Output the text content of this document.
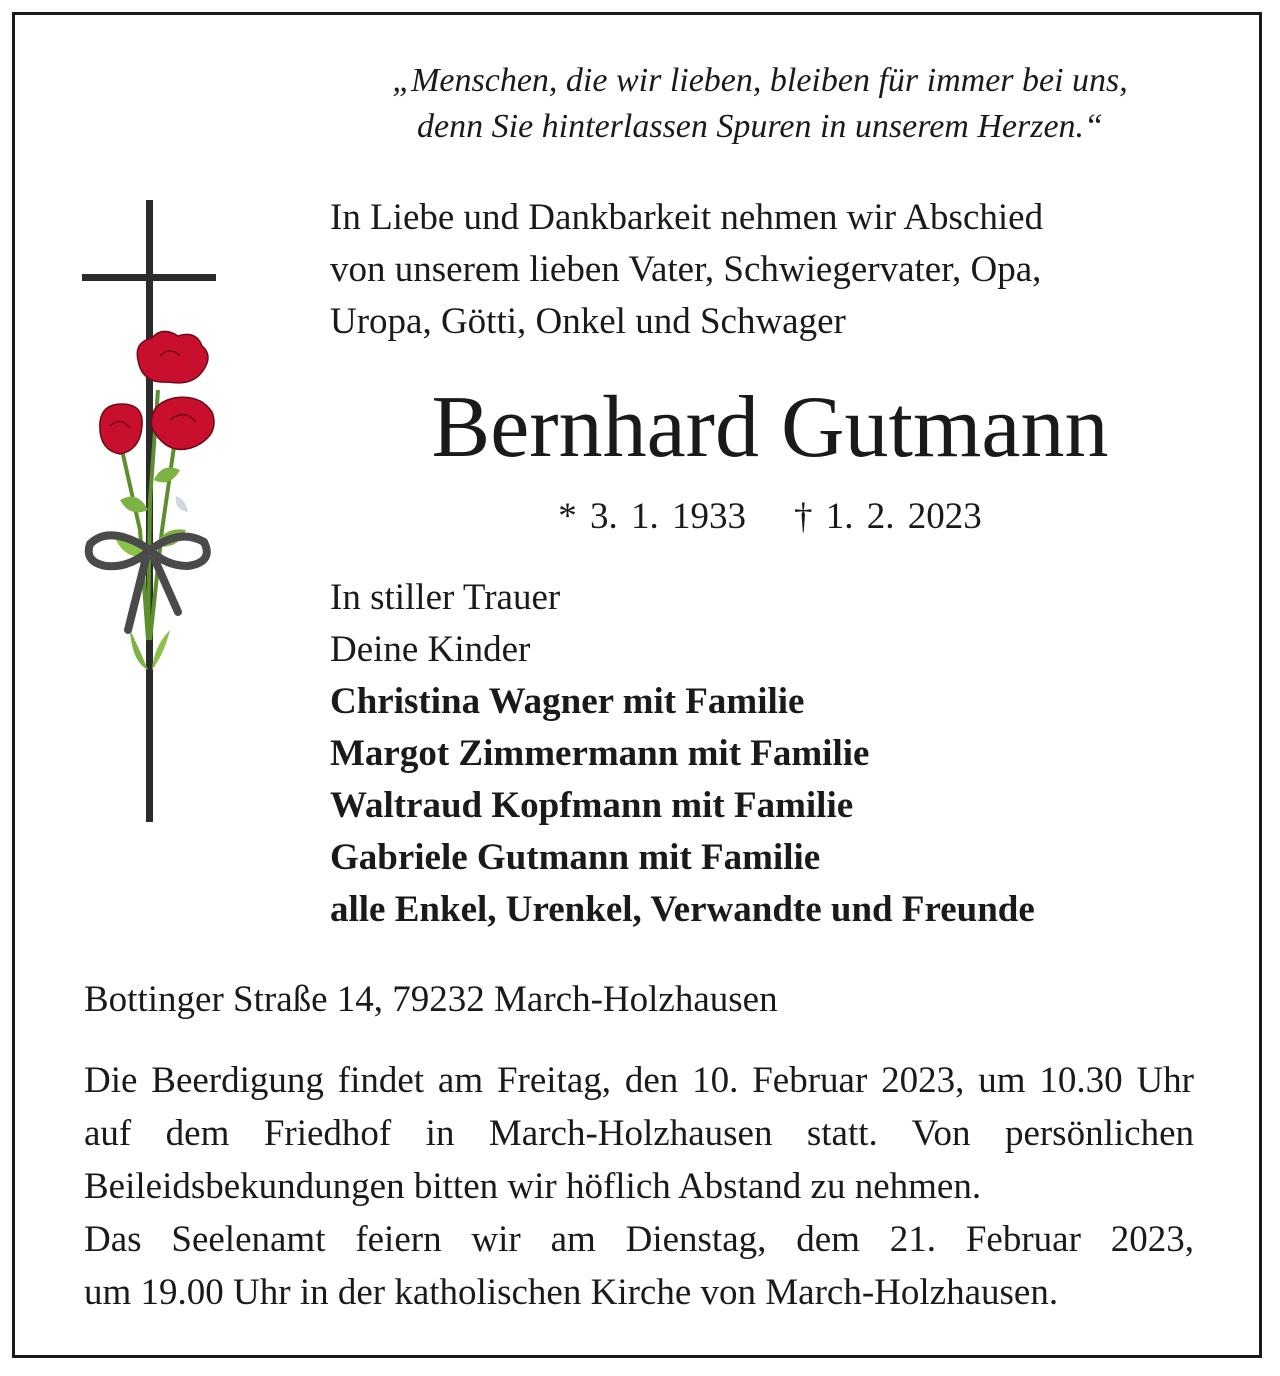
„Menschen, die wir lieben, bleiben für immer bei uns,
denn Sie hinterlassen Spuren in unserem Herzen.“
In Liebe und Dankbarkeit nehmen wir Abschied
von unserem lieben Vater, Schwiegervater, Opa,
Uropa, Götti, Onkel und Schwager
Bernhard Gutmann
* 3. 1. 1933 † 1. 2. 2023
In stiller Trauer
Deine Kinder
Christina Wagner mit Familie
Margot Zimmermann mit Familie
Waltraud Kopfmann mit Familie
Gabriele Gutmann mit Familie
alle Enkel, Urenkel, Verwandte und Freunde
Bottinger Straße 14, 79232 March-Holzhausen

Die Beerdigung findet am Freitag, den 10. Februar 2023, um 10.30 Uhr

auf dem Friedhof in March-Holzhausen statt. Von persönlichen

Beileidsbekundungen bitten wir höflich Abstand zu nehmen.

Das Seelenamt feiern wir am Dienstag, dem 21. Februar 2023,

um 19.00 Uhr in der katholischen Kirche von March-Holzhausen.
